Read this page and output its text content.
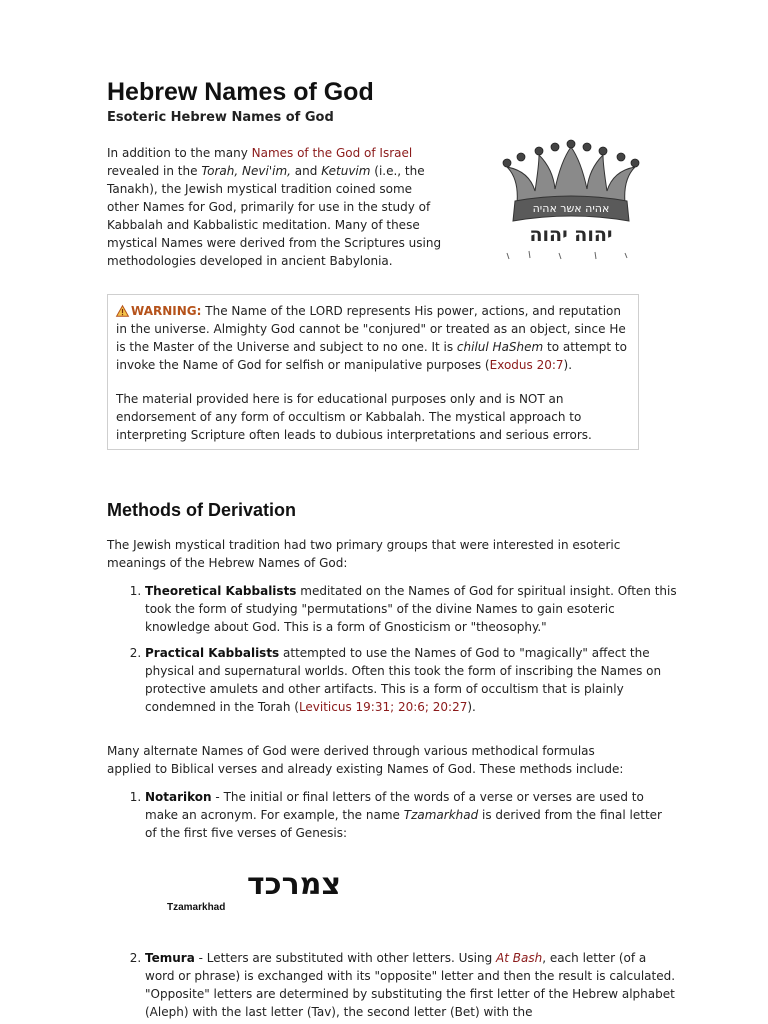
Hebrew Names of God
Esoteric Hebrew Names of God

In addition to the many Names of the God of Israel revealed in the Torah, Nevi'im, and Ketuvim (i.e., the Tanakh), the Jewish mystical tradition coined some other Names for God, primarily for use in the study of Kabbalah and Kabbalistic meditation. Many of these mystical Names were derived from the Scriptures using methodologies developed in ancient Babylonia.

אהיה אשר אהיה
יהוה יהוה

WARNING: The Name of the LORD represents His power, actions, and reputation in the universe. Almighty God cannot be "conjured" or treated as an object, since He is the Master of the Universe and subject to no one. It is chilul HaShem to attempt to invoke the Name of God for selfish or manipulative purposes (Exodus 20:7).

The material provided here is for educational purposes only and is NOT an endorsement of any form of occultism or Kabbalah. The mystical approach to interpreting Scripture often leads to dubious interpretations and serious errors.

Methods of Derivation

The Jewish mystical tradition had two primary groups that were interested in esoteric meanings of the Hebrew Names of God:

1. Theoretical Kabbalists meditated on the Names of God for spiritual insight. Often this took the form of studying "permutations" of the divine Names to gain esoteric knowledge about God. This is a form of Gnosticism or "theosophy."
2. Practical Kabbalists attempted to use the Names of God to "magically" affect the physical and supernatural worlds. Often this took the form of inscribing the Names on protective amulets and other artifacts. This is a form of occultism that is plainly condemned in the Torah (Leviticus 19:31; 20:6; 20:27).

Many alternate Names of God were derived through various methodical formulas applied to Biblical verses and already existing Names of God. These methods include:

1. Notarikon - The initial or final letters of the words of a verse or verses are used to make an acronym. For example, the name Tzamarkhad is derived from the final letter of the first five verses of Genesis:
צמרכד
Tzamarkhad
2. Temura - Letters are substituted with other letters. Using At Bash, each letter (of a word or phrase) is exchanged with its "opposite" letter and then the result is calculated. "Opposite" letters are determined by substituting the first letter of the Hebrew alphabet (Aleph) with the last letter (Tav), the second letter (Bet) with the
